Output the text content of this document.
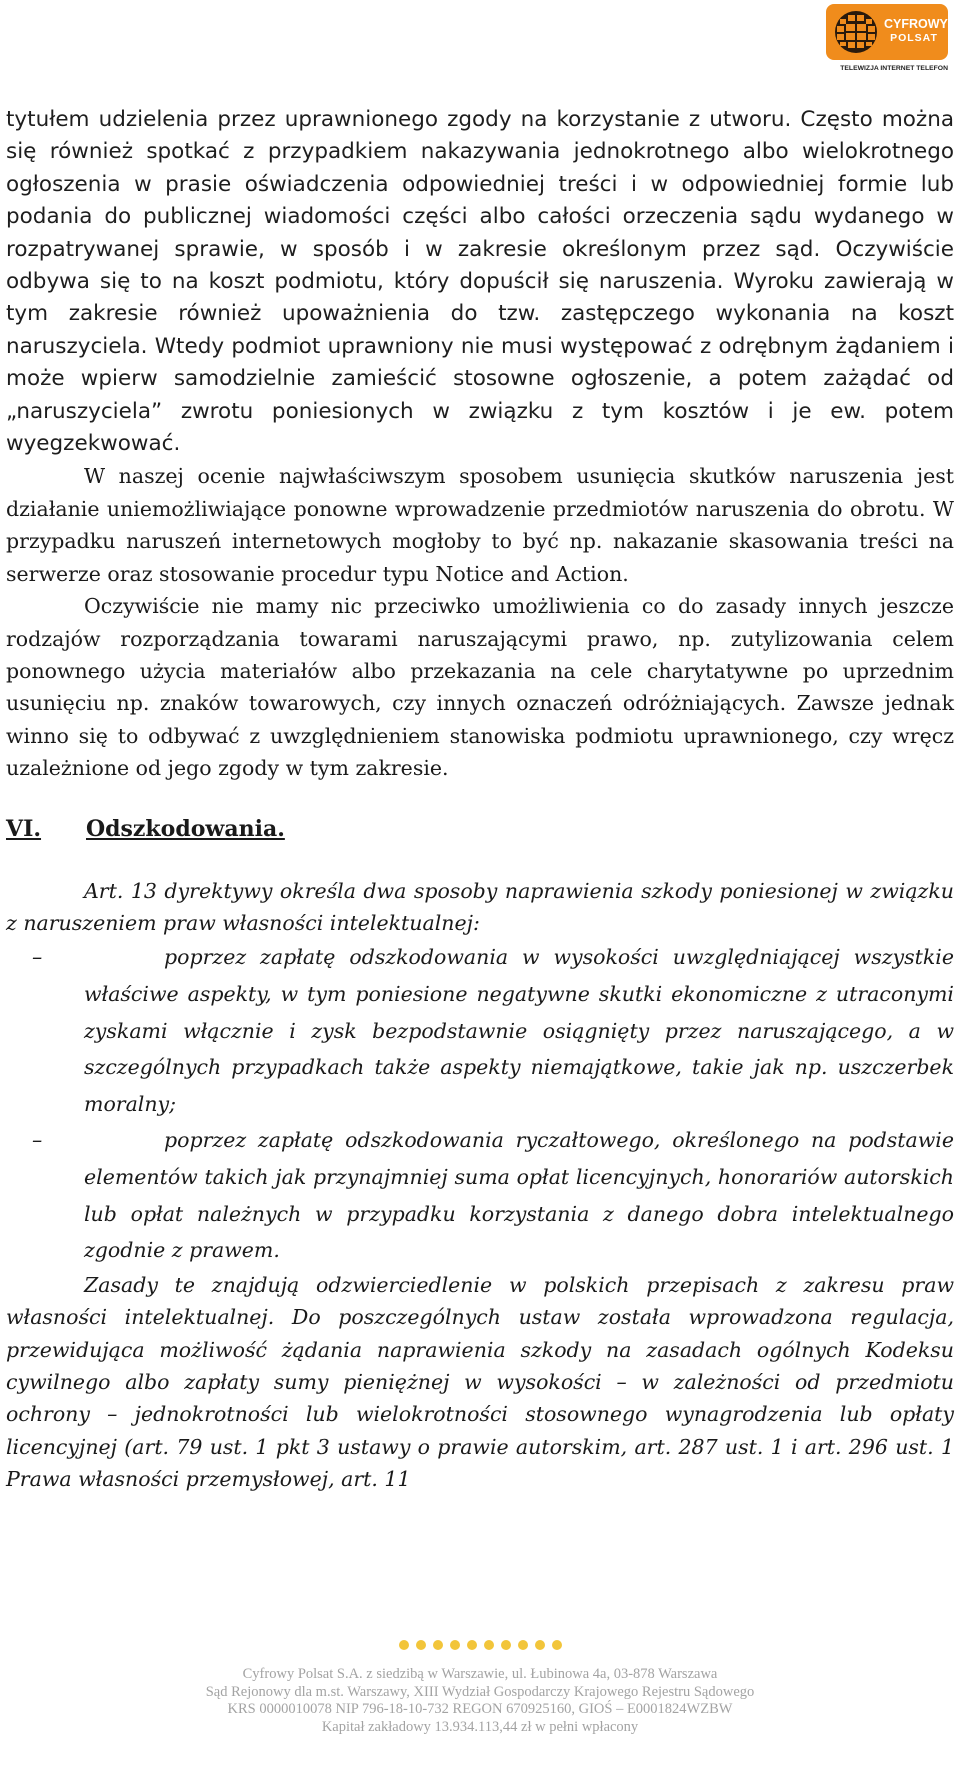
CYFROWY
POLSAT
TELEWIZJA INTERNET TELEFON

tytułem udzielenia przez uprawnionego zgody na korzystanie z utworu. Często można się również spotkać z przypadkiem nakazywania jednokrotnego albo wielokrotnego ogłoszenia w prasie oświadczenia odpowiedniej treści i w odpowiedniej formie lub podania do publicznej wiadomości części albo całości orzeczenia sądu wydanego w rozpatrywanej sprawie, w sposób i w zakresie określonym przez sąd. Oczywiście odbywa się to na koszt podmiotu, który dopuścił się naruszenia. Wyroku zawierają w tym zakresie również upoważnienia do tzw. zastępczego wykonania na koszt naruszyciela. Wtedy podmiot uprawniony nie musi występować z odrębnym żądaniem i może wpierw samodzielnie zamieścić stosowne ogłoszenie, a potem zażądać od „naruszyciela” zwrotu poniesionych w związku z tym kosztów i je ew. potem wyegzekwować.

W naszej ocenie najwłaściwszym sposobem usunięcia skutków naruszenia jest działanie uniemożliwiające ponowne wprowadzenie przedmiotów naruszenia do obrotu. W przypadku naruszeń internetowych mogłoby to być np. nakazanie skasowania treści na serwerze oraz stosowanie procedur typu Notice and Action.

Oczywiście nie mamy nic przeciwko umożliwienia co do zasady innych jeszcze rodzajów rozporządzania towarami naruszającymi prawo, np. zutylizowania celem ponownego użycia materiałów albo przekazania na cele charytatywne po uprzednim usunięciu np. znaków towarowych, czy innych oznaczeń odróżniających. Zawsze jednak winno się to odbywać z uwzględnieniem stanowiska podmiotu uprawnionego, czy wręcz uzależnione od jego zgody w tym zakresie.

VI. Odszkodowania.

Art. 13 dyrektywy określa dwa sposoby naprawienia szkody poniesionej w związku z naruszeniem praw własności intelektualnej:

–	poprzez zapłatę odszkodowania w wysokości uwzględniającej wszystkie właściwe aspekty, w tym poniesione negatywne skutki ekonomiczne z utraconymi zyskami włącznie i zysk bezpodstawnie osiągnięty przez naruszającego, a w szczególnych przypadkach także aspekty niemajątkowe, takie jak np. uszczerbek moralny;
–	poprzez zapłatę odszkodowania ryczałtowego, określonego na podstawie elementów takich jak przynajmniej suma opłat licencyjnych, honorariów autorskich lub opłat należnych w przypadku korzystania z danego dobra intelektualnego zgodnie z prawem.

Zasady te znajdują odzwierciedlenie w polskich przepisach z zakresu praw własności intelektualnej. Do poszczególnych ustaw została wprowadzona regulacja, przewidująca możliwość żądania naprawienia szkody na zasadach ogólnych Kodeksu cywilnego albo zapłaty sumy pieniężnej w wysokości – w zależności od przedmiotu ochrony – jednokrotności lub wielokrotności stosownego wynagrodzenia lub opłaty licencyjnej (art. 79 ust. 1 pkt 3 ustawy o prawie autorskim, art. 287 ust. 1 i art. 296 ust. 1 Prawa własności przemysłowej, art. 11

Cyfrowy Polsat S.A. z siedzibą w Warszawie, ul. Łubinowa 4a, 03-878 Warszawa
Sąd Rejonowy dla m.st. Warszawy, XIII Wydział Gospodarczy Krajowego Rejestru Sądowego
KRS 0000010078 NIP 796-18-10-732 REGON 670925160, GIOŚ – E0001824WZBW
Kapitał zakładowy 13.934.113,44 zł w pełni wpłacony
